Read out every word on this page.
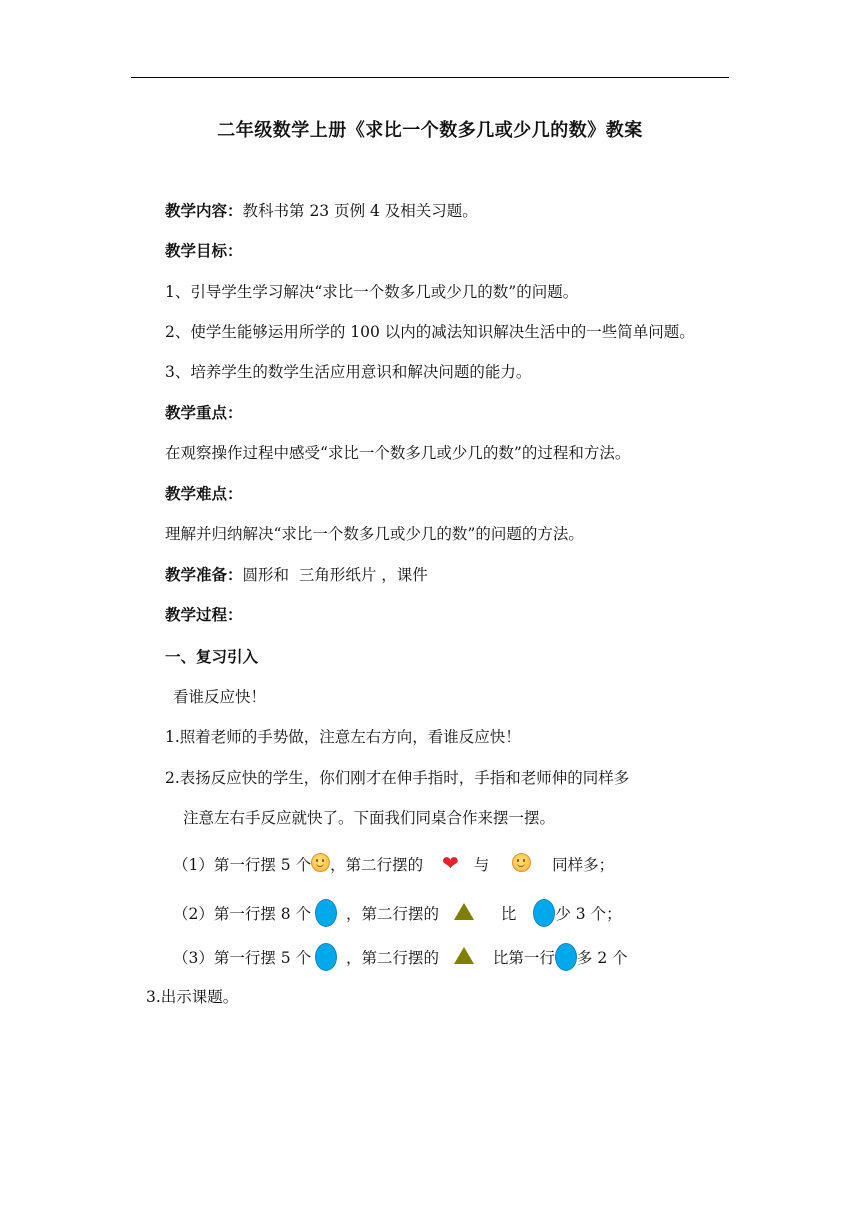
二年级数学上册《求比一个数多几或少几的数》教案
教学内容：教科书第 23 页例 4 及相关习题。
教学目标：
1、引导学生学习解决“求比一个数多几或少几的数”的问题。
2、使学生能够运用所学的 100 以内的减法知识解决生活中的一些简单问题。
3、培养学生的数学生活应用意识和解决问题的能力。
教学重点：
在观察操作过程中感受“求比一个数多几或少几的数”的过程和方法。
教学难点：
理解并归纳解决“求比一个数多几或少几的数”的问题的方法。
教学准备：圆形和  三角形纸片 ，课件
教学过程：
一、复习引入
看谁反应快！
1.照着老师的手势做，注意左右方向，看谁反应快！
2.表扬反应快的学生，你们刚才在伸手指时，手指和老师伸的同样多
注意左右手反应就快了。下面我们同桌合作来摆一摆。
（1）第一行摆 5 个 ，第二行摆的 ❤ 与	同样多；
（2）第一行摆 8 个 ，第二行摆的	比	少 3 个；
（3）第一行摆 5 个 ，第二行摆的	比第一行 多 2 个
3.出示课题。
